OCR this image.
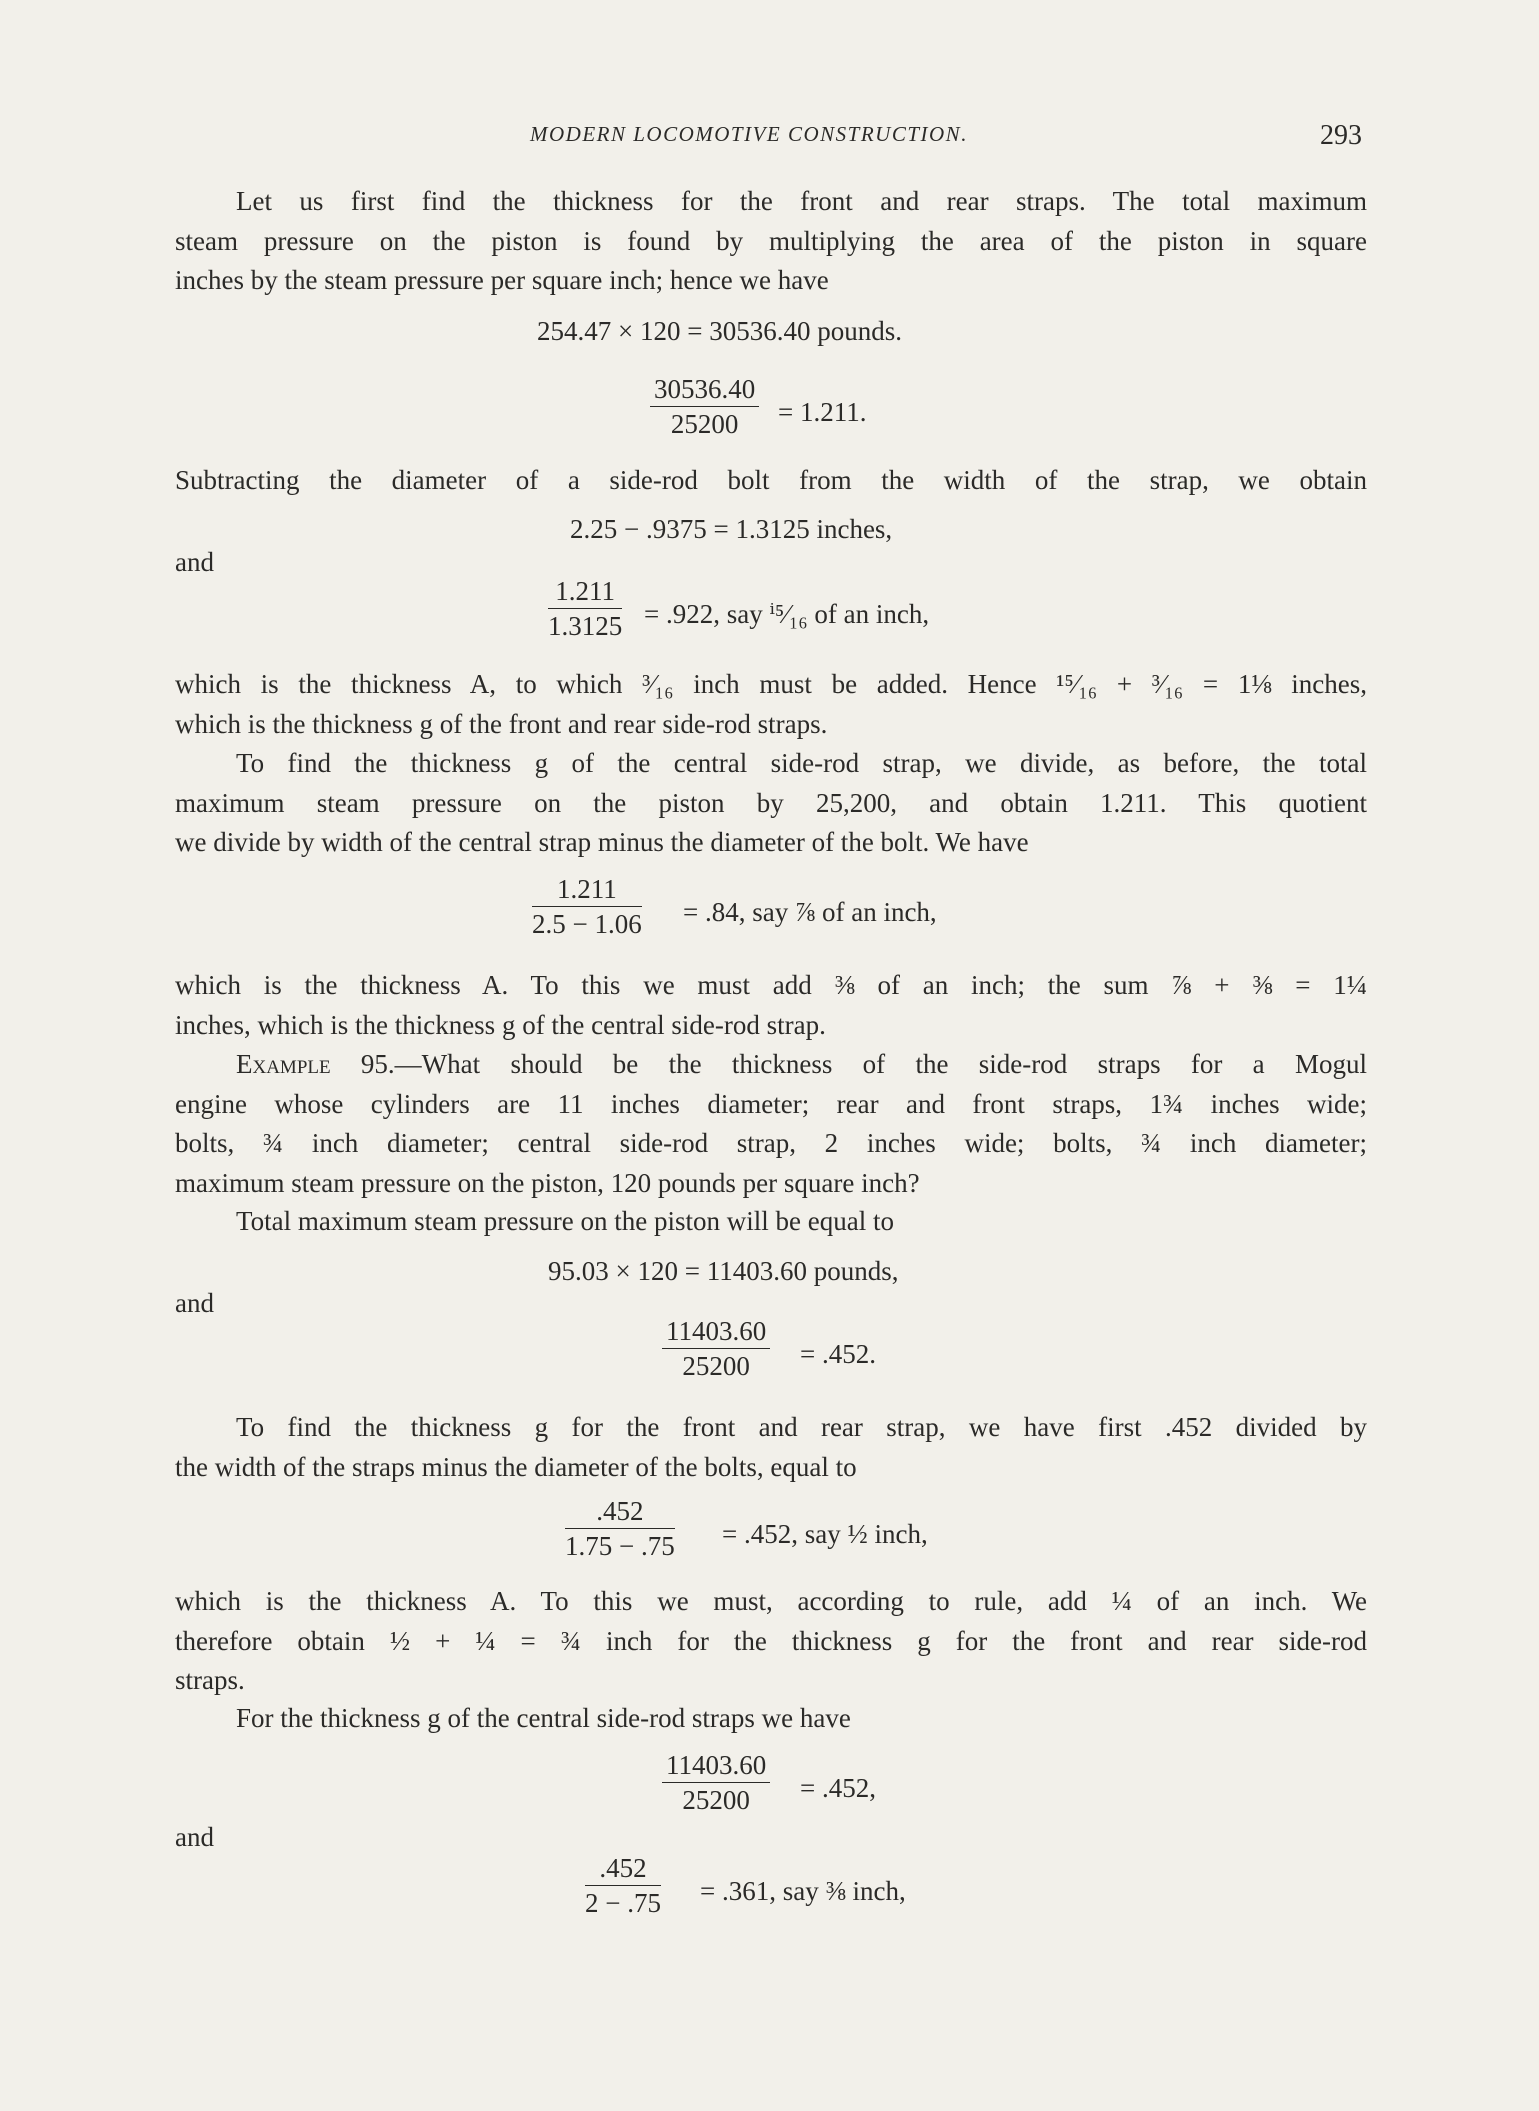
MODERN LOCOMOTIVE CONSTRUCTION.	293
Let us first find the thickness for the front and rear straps. The total maximum
steam pressure on the piston is found by multiplying the area of the piston in square
inches by the steam pressure per square inch; hence we have
254.47 × 120 = 30536.40 pounds.
$\frac{30536.40}{25200} = 1.211$.
Subtracting the diameter of a side-rod bolt from the width of the strap, we obtain
2.25 − .9375 = 1.3125 inches,
and
$\frac{1.211}{1.3125} = .922$, say ⁱ⁵⁄₁₆ of an inch,
which is the thickness A, to which ³⁄₁₆ inch must be added. Hence ¹⁵⁄₁₆ + ³⁄₁₆ = 1⅛ inches,
which is the thickness g of the front and rear side-rod straps.
To find the thickness g of the central side-rod strap, we divide, as before, the total
maximum steam pressure on the piston by 25,200, and obtain 1.211. This quotient
we divide by width of the central strap minus the diameter of the bolt. We have
$\frac{1.211}{2.5 - 1.06} = .84$, say ⅞ of an inch,
which is the thickness A. To this we must add ⅜ of an inch; the sum ⅞ + ⅜ = 1¼
inches, which is the thickness g of the central side-rod strap.
Example 95.—What should be the thickness of the side-rod straps for a Mogul
engine whose cylinders are 11 inches diameter; rear and front straps, 1¾ inches wide;
bolts, ¾ inch diameter; central side-rod strap, 2 inches wide; bolts, ¾ inch diameter;
maximum steam pressure on the piston, 120 pounds per square inch?
Total maximum steam pressure on the piston will be equal to
95.03 × 120 = 11403.60 pounds,
and
$\frac{11403.60}{25200} = .452$.
To find the thickness g for the front and rear strap, we have first .452 divided by
the width of the straps minus the diameter of the bolts, equal to
$\frac{.452}{1.75 - .75} = .452$, say ½ inch,
which is the thickness A. To this we must, according to rule, add ¼ of an inch. We
therefore obtain ½ + ¼ = ¾ inch for the thickness g for the front and rear side-rod
straps.
For the thickness g of the central side-rod straps we have
$\frac{11403.60}{25200} = .452$,
and
$\frac{.452}{2 - .75} = .361$, say ⅜ inch,
